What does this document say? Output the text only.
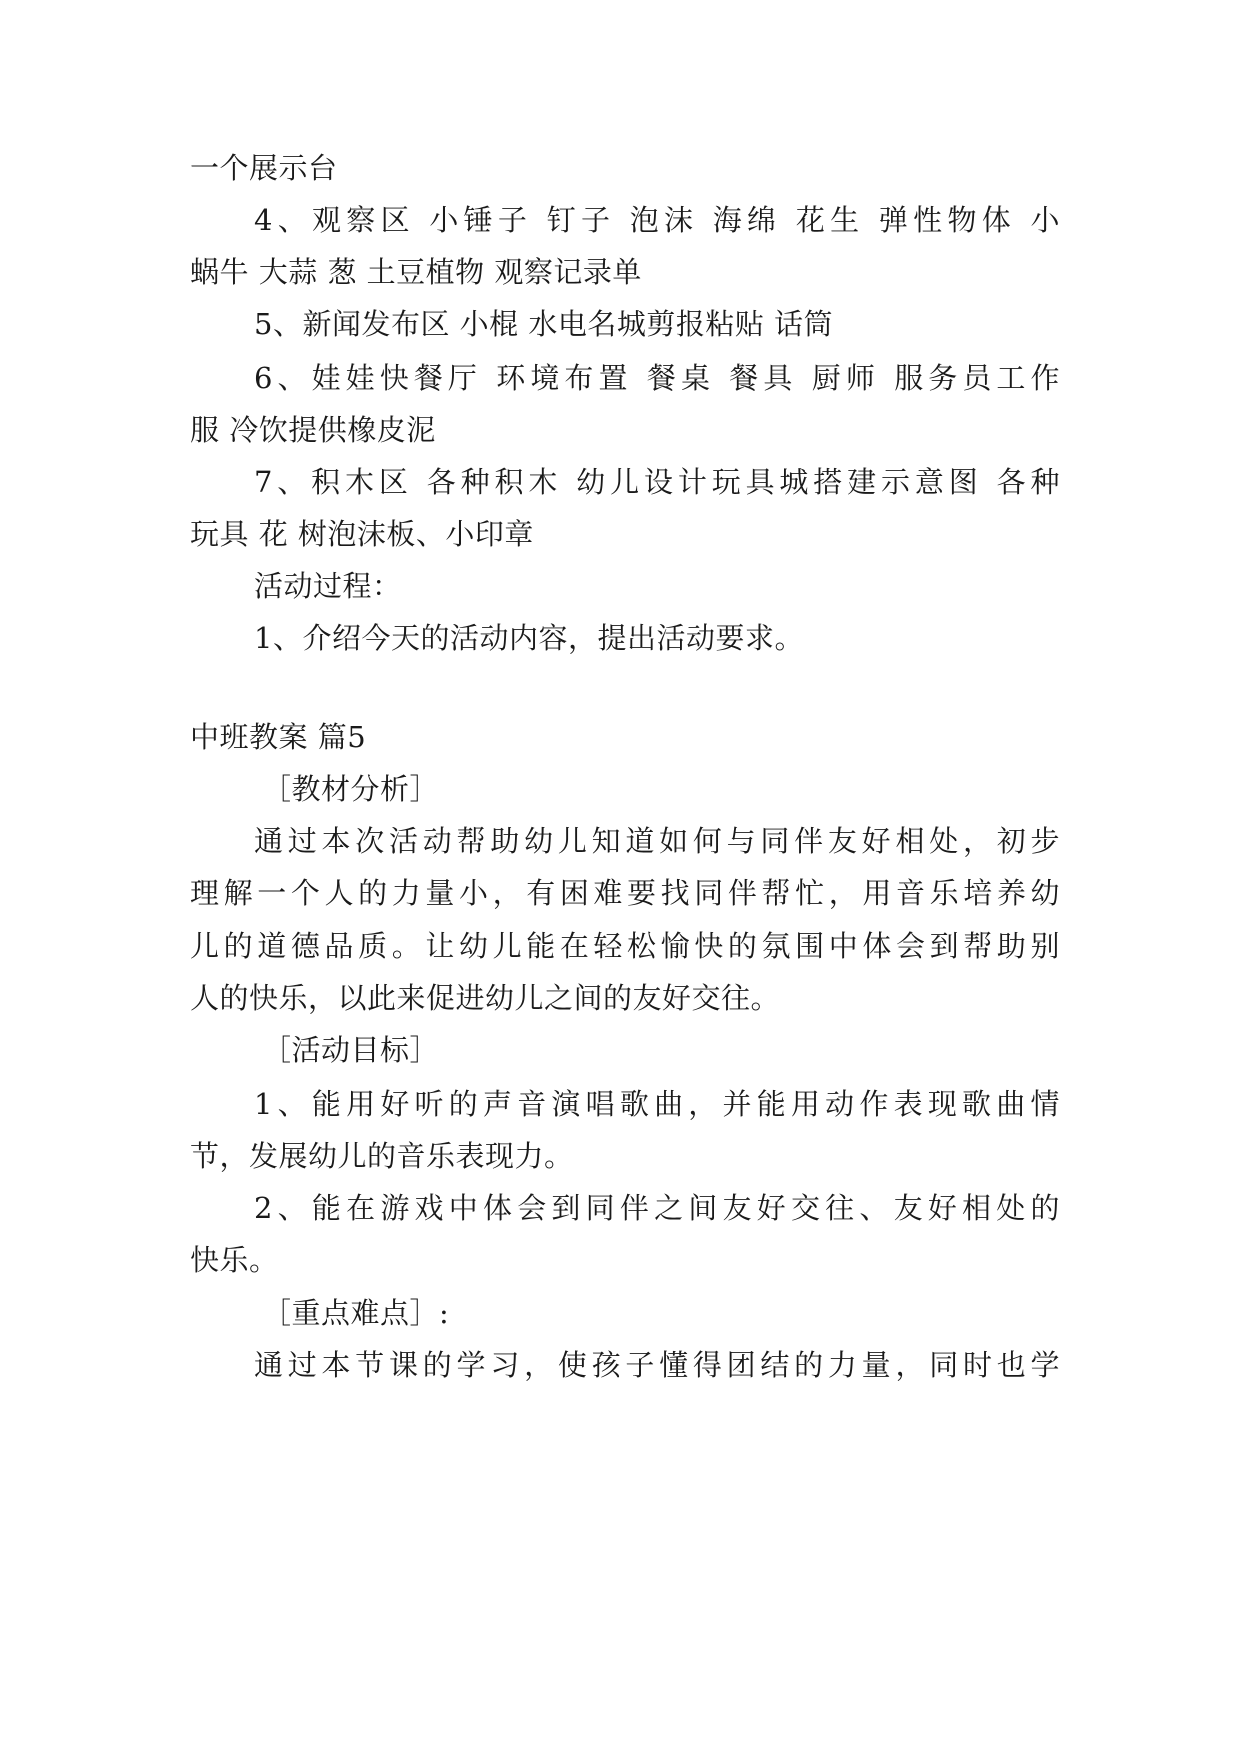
一个展示台
4、观察区 小锤子 钉子 泡沫 海绵 花生 弹性物体 小
蜗牛 大蒜 葱 土豆植物 观察记录单
5、新闻发布区 小棍 水电名城剪报粘贴 话筒
6、娃娃快餐厅 环境布置 餐桌 餐具 厨师 服务员工作
服 冷饮提供橡皮泥
7、积木区 各种积木 幼儿设计玩具城搭建示意图 各种
玩具 花 树泡沫板、小印章
活动过程：
1、介绍今天的活动内容，提出活动要求。
中班教案 篇5
［教材分析］
通过本次活动帮助幼儿知道如何与同伴友好相处，初步
理解一个人的力量小，有困难要找同伴帮忙，用音乐培养幼
儿的道德品质。让幼儿能在轻松愉快的氛围中体会到帮助别
人的快乐，以此来促进幼儿之间的友好交往。
［活动目标］
1、能用好听的声音演唱歌曲，并能用动作表现歌曲情
节，发展幼儿的音乐表现力。
2、能在游戏中体会到同伴之间友好交往、友好相处的
快乐。
［重点难点］:
通过本节课的学习，使孩子懂得团结的力量，同时也学
